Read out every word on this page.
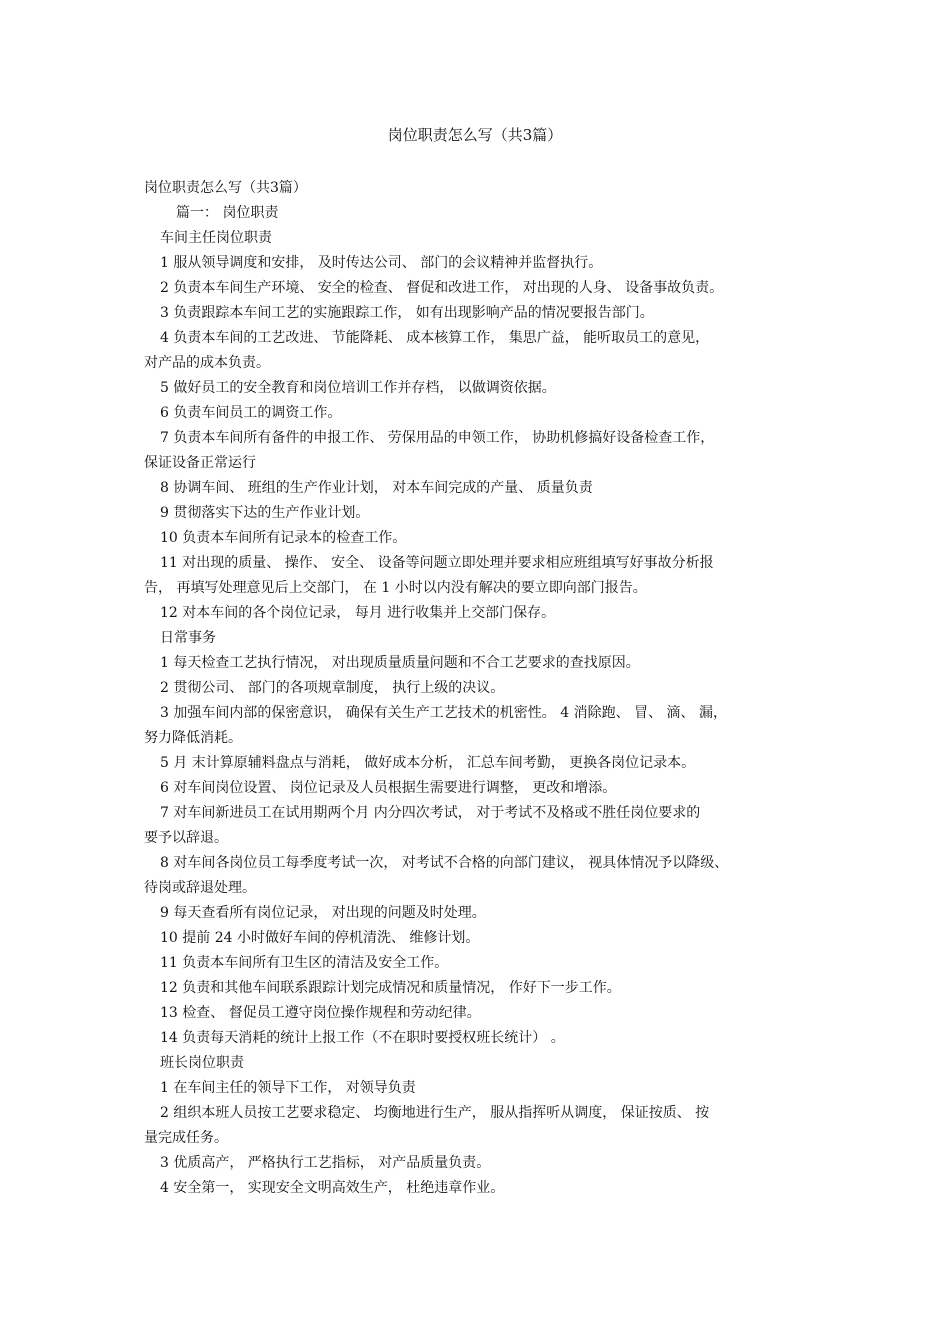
岗位职责怎么写（共3篇）
岗位职责怎么写（共3篇）
篇一： 岗位职责
车间主任岗位职责
1 服从领导调度和安排， 及时传达公司、 部门的会议精神并监督执行。
2 负责本车间生产环境、 安全的检查、 督促和改进工作， 对出现的人身、 设备事故负责。
3 负责跟踪本车间工艺的实施跟踪工作， 如有出现影响产品的情况要报告部门。
4 负责本车间的工艺改进、 节能降耗、 成本核算工作， 集思广益， 能听取员工的意见，
对产品的成本负责。
5 做好员工的安全教育和岗位培训工作并存档， 以做调资依据。
6 负责车间员工的调资工作。
7 负责本车间所有备件的申报工作、 劳保用品的申领工作， 协助机修搞好设备检查工作，
保证设备正常运行
8 协调车间、 班组的生产作业计划， 对本车间完成的产量、 质量负责
9 贯彻落实下达的生产作业计划。
10 负责本车间所有记录本的检查工作。
11 对出现的质量、 操作、 安全、 设备等问题立即处理并要求相应班组填写好事故分析报
告， 再填写处理意见后上交部门， 在 1 小时以内没有解决的要立即向部门报告。
12 对本车间的各个岗位记录， 每月 进行收集并上交部门保存。
日常事务
1 每天检查工艺执行情况， 对出现质量质量问题和不合工艺要求的查找原因。
2 贯彻公司、 部门的各项规章制度， 执行上级的决议。
3 加强车间内部的保密意识， 确保有关生产工艺技术的机密性。 4 消除跑、 冒、 滴、 漏，
努力降低消耗。
5 月 末计算原辅料盘点与消耗， 做好成本分析， 汇总车间考勤， 更换各岗位记录本。
6 对车间岗位设置、 岗位记录及人员根据生需要进行调整， 更改和增添。
7 对车间新进员工在试用期两个月 内分四次考试， 对于考试不及格或不胜任岗位要求的
要予以辞退。
8 对车间各岗位员工每季度考试一次， 对考试不合格的向部门建议， 视具体情况予以降级、
待岗或辞退处理。
9 每天查看所有岗位记录， 对出现的问题及时处理。
10 提前 24 小时做好车间的停机清洗、 维修计划。
11 负责本车间所有卫生区的清洁及安全工作。
12 负责和其他车间联系跟踪计划完成情况和质量情况， 作好下一步工作。
13 检查、 督促员工遵守岗位操作规程和劳动纪律。
14 负责每天消耗的统计上报工作（不在职时要授权班长统计） 。
班长岗位职责
1 在车间主任的领导下工作， 对领导负责
2 组织本班人员按工艺要求稳定、 均衡地进行生产， 服从指挥听从调度， 保证按质、 按
量完成任务。
3 优质高产， 严格执行工艺指标， 对产品质量负责。
4 安全第一， 实现安全文明高效生产， 杜绝违章作业。
